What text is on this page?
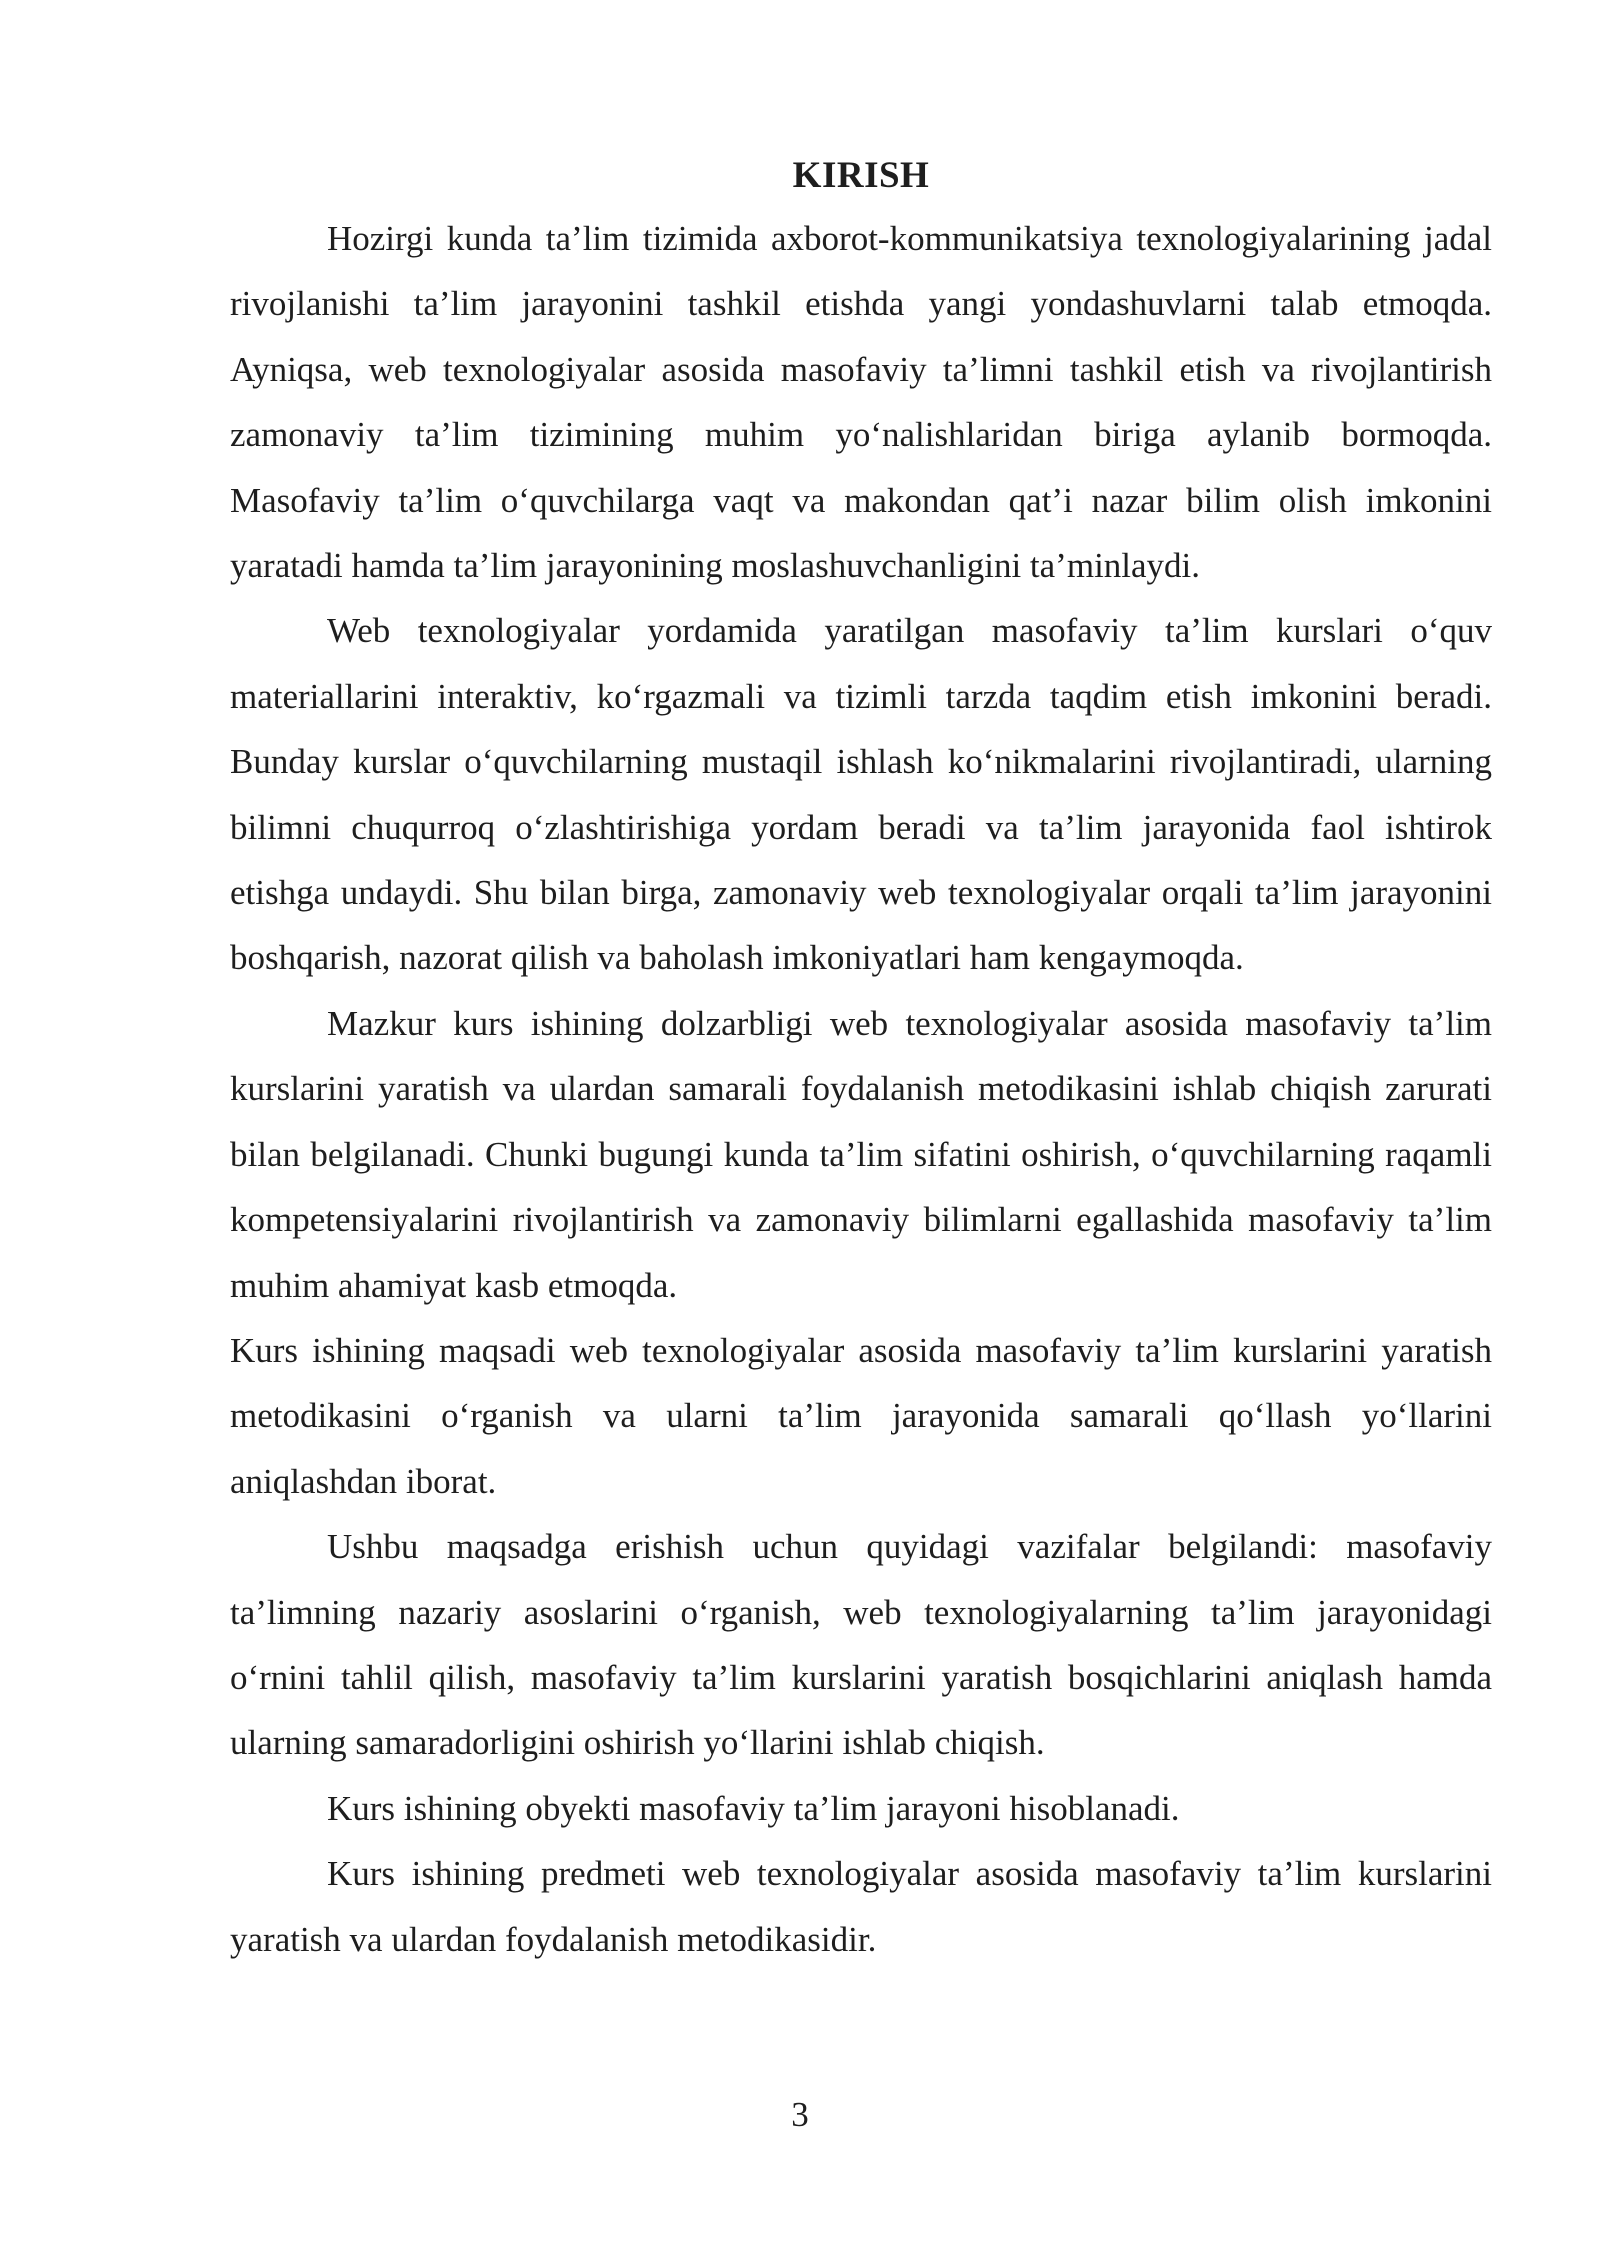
KIRISH

Hozirgi kunda ta’lim tizimida axborot-kommunikatsiya texnologiyalarining jadal rivojlanishi ta’lim jarayonini tashkil etishda yangi yondashuvlarni talab etmoqda. Ayniqsa, web texnologiyalar asosida masofaviy ta’limni tashkil etish va rivojlantirish zamonaviy ta’lim tizimining muhim yo‘nalishlaridan biriga aylanib bormoqda. Masofaviy ta’lim o‘quvchilarga vaqt va makondan qat’i nazar bilim olish imkonini yaratadi hamda ta’lim jarayonining moslashuvchanligini ta’minlaydi.

Web texnologiyalar yordamida yaratilgan masofaviy ta’lim kurslari o‘quv materiallarini interaktiv, ko‘rgazmali va tizimli tarzda taqdim etish imkonini beradi. Bunday kurslar o‘quvchilarning mustaqil ishlash ko‘nikmalarini rivojlantiradi, ularning bilimni chuqurroq o‘zlashtirishiga yordam beradi va ta’lim jarayonida faol ishtirok etishga undaydi. Shu bilan birga, zamonaviy web texnologiyalar orqali ta’lim jarayonini boshqarish, nazorat qilish va baholash imkoniyatlari ham kengaymoqda.

Mazkur kurs ishining dolzarbligi web texnologiyalar asosida masofaviy ta’lim kurslarini yaratish va ulardan samarali foydalanish metodikasini ishlab chiqish zarurati bilan belgilanadi. Chunki bugungi kunda ta’lim sifatini oshirish, o‘quvchilarning raqamli kompetensiyalarini rivojlantirish va zamonaviy bilimlarni egallashida masofaviy ta’lim muhim ahamiyat kasb etmoqda.

Kurs ishining maqsadi web texnologiyalar asosida masofaviy ta’lim kurslarini yaratish metodikasini o‘rganish va ularni ta’lim jarayonida samarali qo‘llash yo‘llarini aniqlashdan iborat.

Ushbu maqsadga erishish uchun quyidagi vazifalar belgilandi: masofaviy ta’limning nazariy asoslarini o‘rganish, web texnologiyalarning ta’lim jarayonidagi o‘rnini tahlil qilish, masofaviy ta’lim kurslarini yaratish bosqichlarini aniqlash hamda ularning samaradorligini oshirish yo‘llarini ishlab chiqish.

Kurs ishining obyekti masofaviy ta’lim jarayoni hisoblanadi.

Kurs ishining predmeti web texnologiyalar asosida masofaviy ta’lim kurslarini yaratish va ulardan foydalanish metodikasidir.

3
